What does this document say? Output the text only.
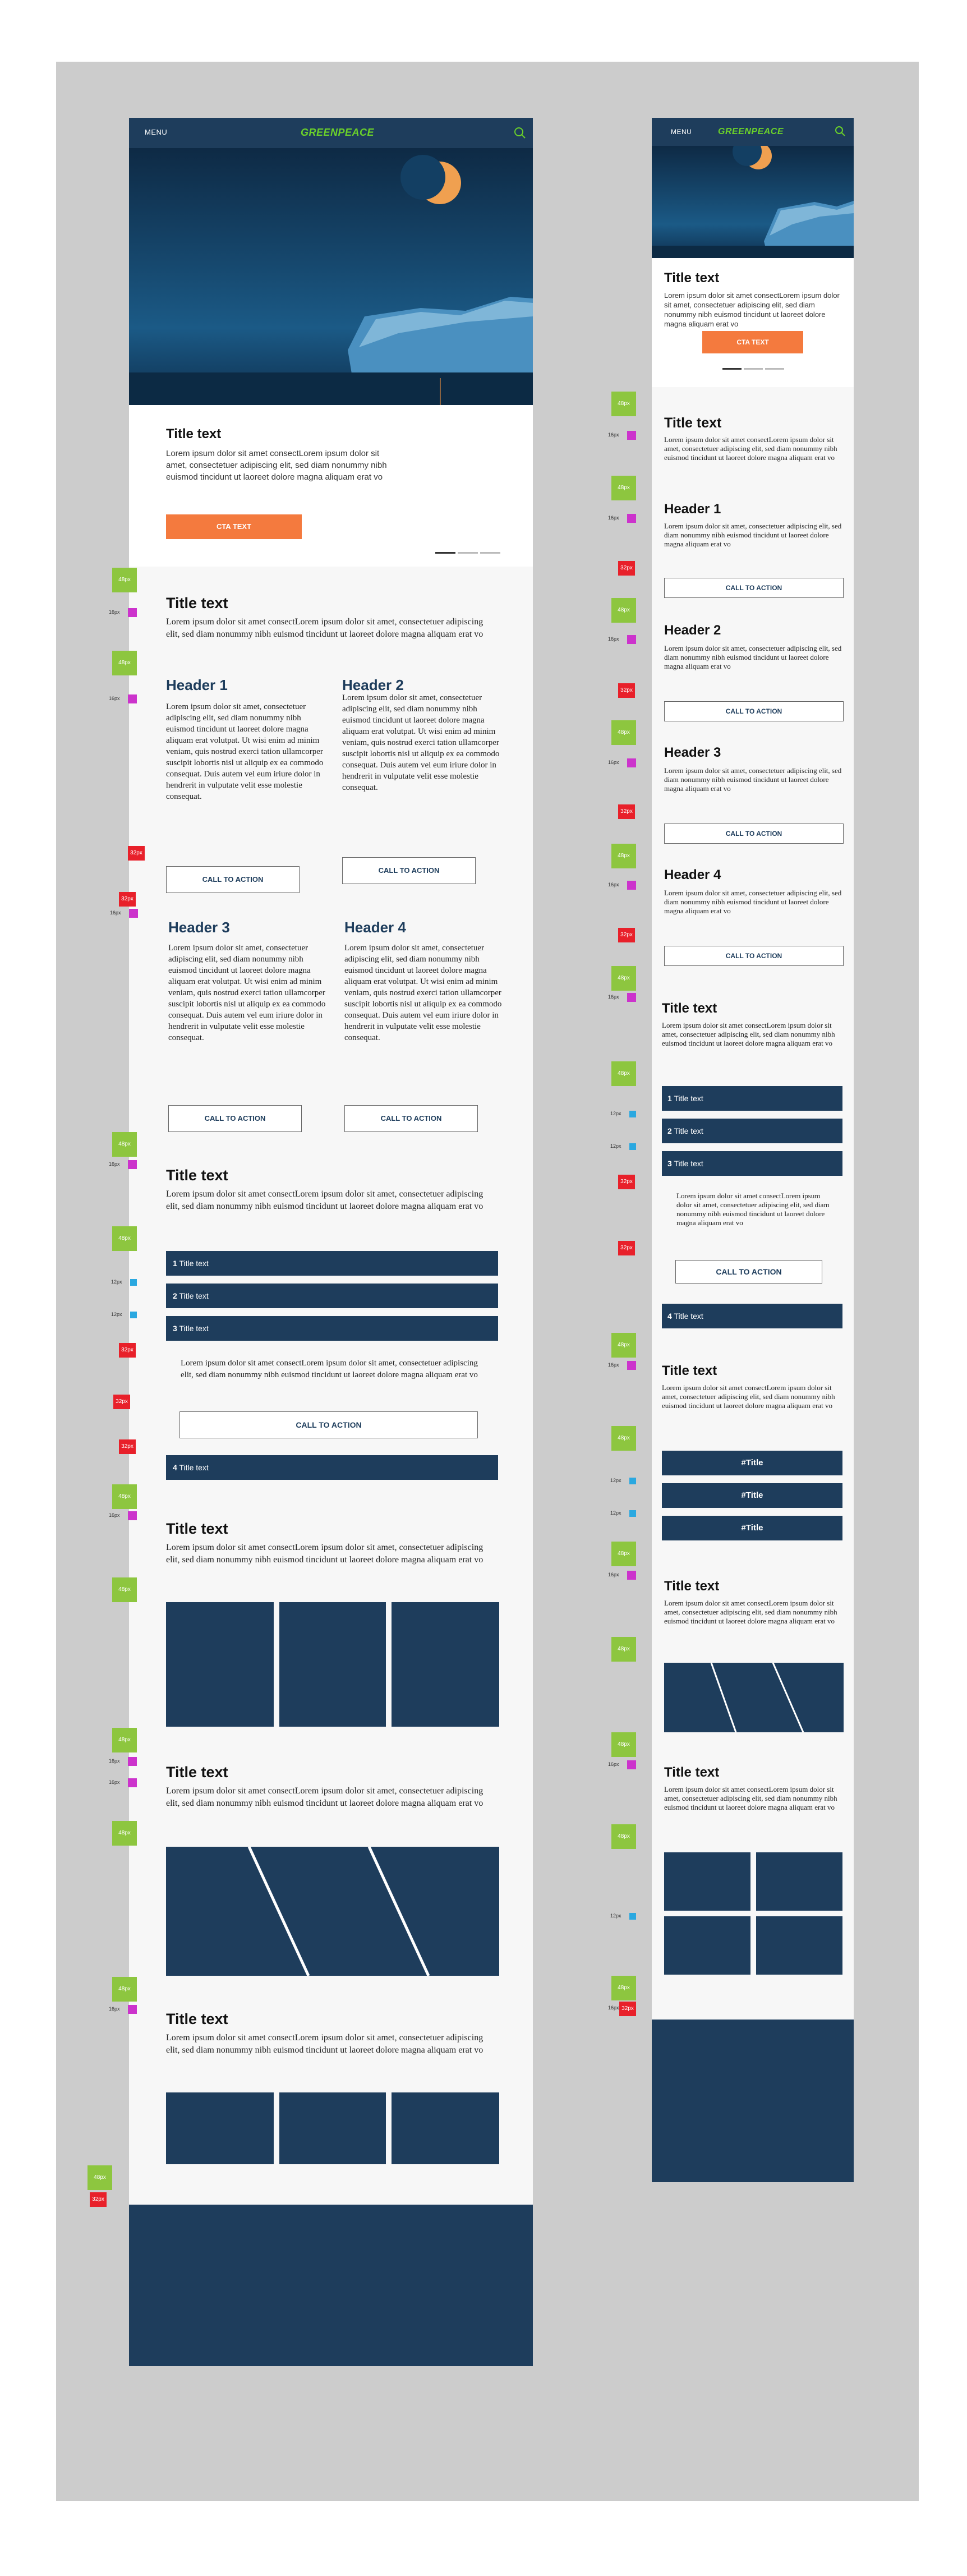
MENU	GREENPEACE
Title text
Lorem ipsum dolor sit amet consectLorem ipsum dolor sit amet, consectetuer adipiscing elit, sed diam nonummy nibh euismod tincidunt ut laoreet dolore magna aliquam erat vo
CTA TEXT
Title text
Lorem ipsum dolor sit amet consectLorem ipsum dolor sit amet, consectetuer adipiscing elit, sed diam nonummy nibh euismod tincidunt ut laoreet dolore magna aliquam erat vo
Header 1
Lorem ipsum dolor sit amet, consectetuer adipiscing elit, sed diam nonummy nibh euismod tincidunt ut laoreet dolore magna aliquam erat volutpat. Ut wisi enim ad minim veniam, quis nostrud exerci tation ullamcorper suscipit lobortis nisl ut aliquip ex ea commodo consequat. Duis autem vel eum iriure dolor in hendrerit in vulputate velit esse molestie consequat.
CALL TO ACTION
Header 2
Lorem ipsum dolor sit amet, consectetuer adipiscing elit, sed diam nonummy nibh euismod tincidunt ut laoreet dolore magna aliquam erat volutpat. Ut wisi enim ad minim veniam, quis nostrud exerci tation ullamcorper suscipit lobortis nisl ut aliquip ex ea commodo consequat. Duis autem vel eum iriure dolor in hendrerit in vulputate velit esse molestie consequat.
CALL TO ACTION
Header 3
Lorem ipsum dolor sit amet, consectetuer adipiscing elit, sed diam nonummy nibh euismod tincidunt ut laoreet dolore magna aliquam erat volutpat. Ut wisi enim ad minim veniam, quis nostrud exerci tation ullamcorper suscipit lobortis nisl ut aliquip ex ea commodo consequat. Duis autem vel eum iriure dolor in hendrerit in vulputate velit esse molestie consequat.
CALL TO ACTION
Header 4
Lorem ipsum dolor sit amet, consectetuer adipiscing elit, sed diam nonummy nibh euismod tincidunt ut laoreet dolore magna aliquam erat volutpat. Ut wisi enim ad minim veniam, quis nostrud exerci tation ullamcorper suscipit lobortis nisl ut aliquip ex ea commodo consequat. Duis autem vel eum iriure dolor in hendrerit in vulputate velit esse molestie consequat.
CALL TO ACTION
Title text
Lorem ipsum dolor sit amet consectLorem ipsum dolor sit amet, consectetuer adipiscing elit, sed diam nonummy nibh euismod tincidunt ut laoreet dolore magna aliquam erat vo
1 Title text
2 Title text
3 Title text
Lorem ipsum dolor sit amet consectLorem ipsum dolor sit amet, consectetuer adipiscing elit, sed diam nonummy nibh euismod tincidunt ut laoreet dolore magna aliquam erat vo
CALL TO ACTION
4 Title text
Title text
Lorem ipsum dolor sit amet consectLorem ipsum dolor sit amet, consectetuer adipiscing elit, sed diam nonummy nibh euismod tincidunt ut laoreet dolore magna aliquam erat vo
Title text
Lorem ipsum dolor sit amet consectLorem ipsum dolor sit amet, consectetuer adipiscing elit, sed diam nonummy nibh euismod tincidunt ut laoreet dolore magna aliquam erat vo
Title text
Lorem ipsum dolor sit amet consectLorem ipsum dolor sit amet, consectetuer adipiscing elit, sed diam nonummy nibh euismod tincidunt ut laoreet dolore magna aliquam erat vo
MENU	GREENPEACE
Title text
Lorem ipsum dolor sit amet consectLorem ipsum dolor sit amet, consectetuer adipiscing elit, sed diam nonummy nibh euismod tincidunt ut laoreet dolore magna aliquam erat vo
CTA TEXT
Title text
Lorem ipsum dolor sit amet consectLorem ipsum dolor sit amet, consectetuer adipiscing elit, sed diam nonummy nibh euismod tincidunt ut laoreet dolore magna aliquam erat vo
Header 1
Lorem ipsum dolor sit amet, consectetuer adipiscing elit, sed diam nonummy nibh euismod tincidunt ut laoreet dolore magna aliquam erat vo
CALL TO ACTION
Header 2
Lorem ipsum dolor sit amet, consectetuer adipiscing elit, sed diam nonummy nibh euismod tincidunt ut laoreet dolore magna aliquam erat vo
CALL TO ACTION
Header 3
Lorem ipsum dolor sit amet, consectetuer adipiscing elit, sed diam nonummy nibh euismod tincidunt ut laoreet dolore magna aliquam erat vo
CALL TO ACTION
Header 4
Lorem ipsum dolor sit amet, consectetuer adipiscing elit, sed diam nonummy nibh euismod tincidunt ut laoreet dolore magna aliquam erat vo
CALL TO ACTION
Title text
Lorem ipsum dolor sit amet consectLorem ipsum dolor sit amet, consectetuer adipiscing elit, sed diam nonummy nibh euismod tincidunt ut laoreet dolore magna aliquam erat vo
1 Title text
2 Title text
3 Title text
Lorem ipsum dolor sit amet consectLorem ipsum dolor sit amet, consectetuer adipiscing elit, sed diam nonummy nibh euismod tincidunt ut laoreet dolore magna aliquam erat vo
CALL TO ACTION
4 Title text
Title text
Lorem ipsum dolor sit amet consectLorem ipsum dolor sit amet, consectetuer adipiscing elit, sed diam nonummy nibh euismod tincidunt ut laoreet dolore magna aliquam erat vo
#Title
#Title
#Title
Title text
Lorem ipsum dolor sit amet consectLorem ipsum dolor sit amet, consectetuer adipiscing elit, sed diam nonummy nibh euismod tincidunt ut laoreet dolore magna aliquam erat vo
Title text
Lorem ipsum dolor sit amet consectLorem ipsum dolor sit amet, consectetuer adipiscing elit, sed diam nonummy nibh euismod tincidunt ut laoreet dolore magna aliquam erat vo
48px
16px
48px
16px
32px
32px
16px
48px
16px
48px
12px
12px
32px
32px
32px
48px
16px
48px
48px
16px
16px
48px
48px
16px
48px
32px
48px
16px
48px
16px
32px
48px
16px
32px
48px
16px
32px
48px
16px
32px
48px
16px
48px
12px
12px
32px
32px
48px
16px
48px
12px
12px
48px
16px
48px
48px
16px
48px
12px
48px
16px 32px
